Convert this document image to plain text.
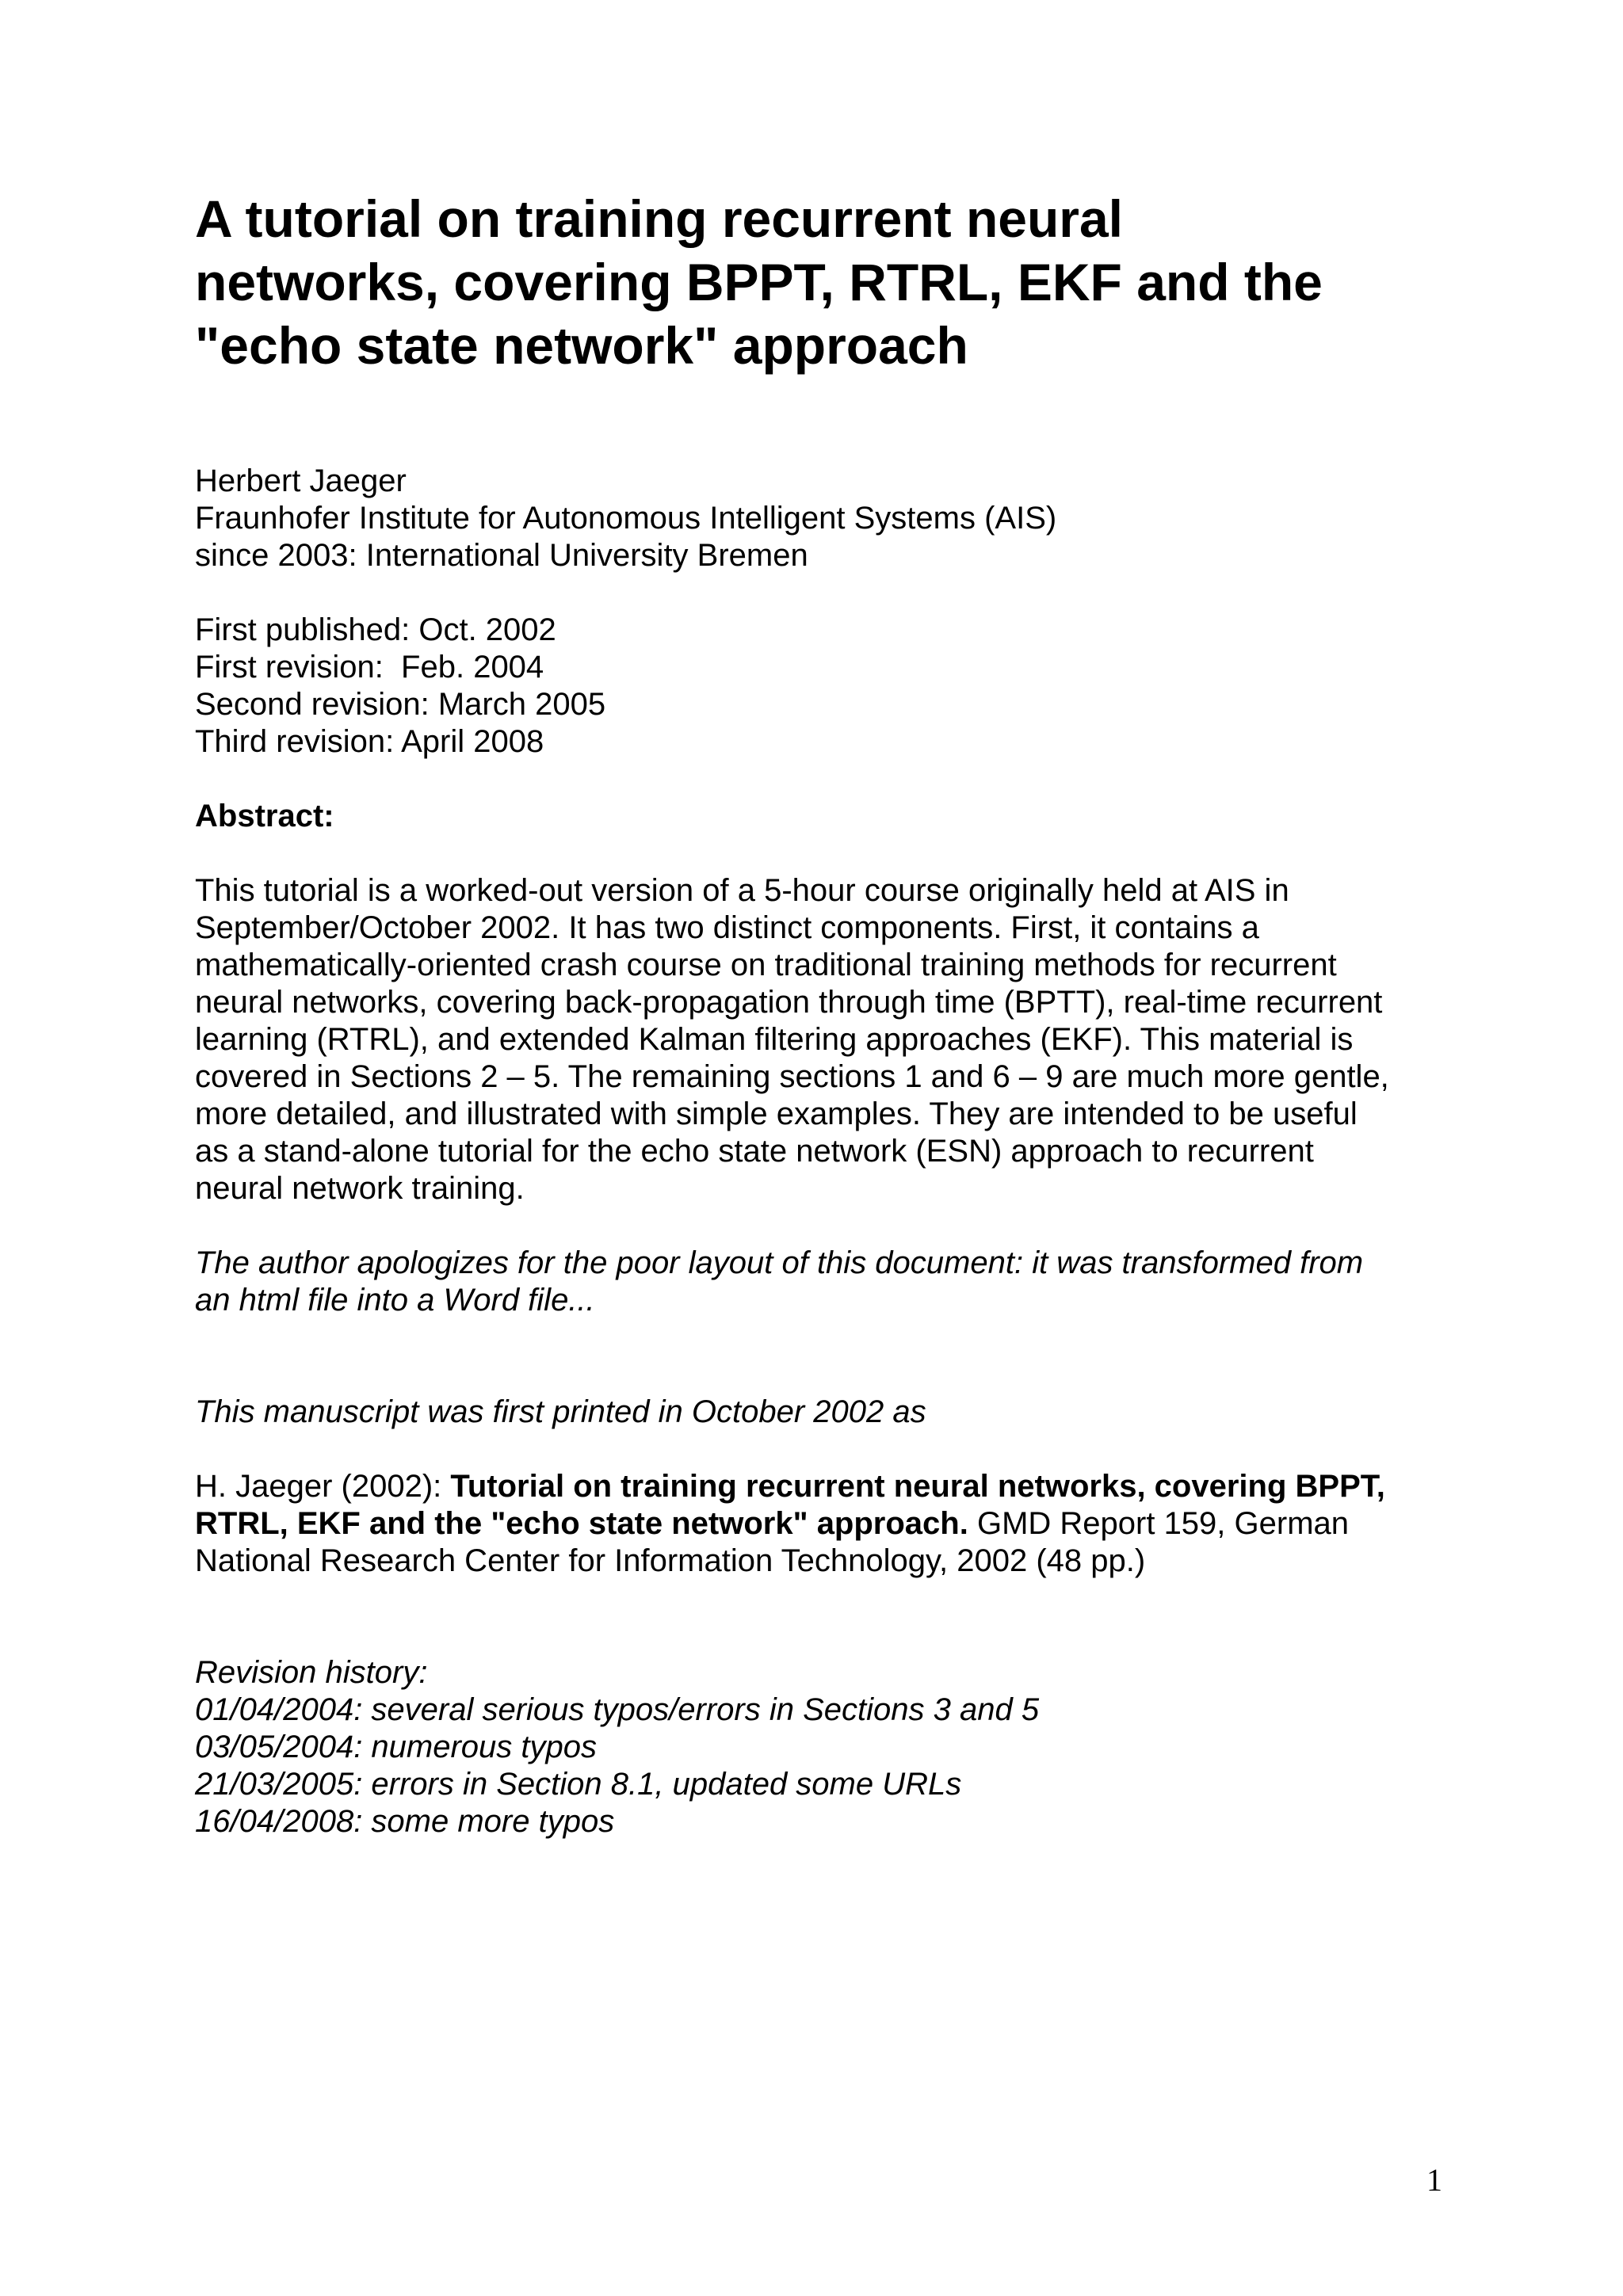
A tutorial on training recurrent neural
networks, covering BPPT, RTRL, EKF and the
"echo state network" approach
Herbert Jaeger
Fraunhofer Institute for Autonomous Intelligent Systems (AIS)
since 2003: International University Bremen
First published: Oct. 2002
First revision:  Feb. 2004
Second revision: March 2005
Third revision: April 2008
Abstract:
This tutorial is a worked-out version of a 5-hour course originally held at AIS in
September/October 2002. It has two distinct components. First, it contains a
mathematically-oriented crash course on traditional training methods for recurrent
neural networks, covering back-propagation through time (BPTT), real-time recurrent
learning (RTRL), and extended Kalman filtering approaches (EKF). This material is
covered in Sections 2 – 5. The remaining sections 1 and 6 – 9 are much more gentle,
more detailed, and illustrated with simple examples. They are intended to be useful
as a stand-alone tutorial for the echo state network (ESN) approach to recurrent
neural network training.
The author apologizes for the poor layout of this document: it was transformed from
an html file into a Word file...
This manuscript was first printed in October 2002 as
H. Jaeger (2002): Tutorial on training recurrent neural networks, covering BPPT,
RTRL, EKF and the "echo state network" approach. GMD Report 159, German
National Research Center for Information Technology, 2002 (48 pp.)
Revision history:
01/04/2004: several serious typos/errors in Sections 3 and 5
03/05/2004: numerous typos
21/03/2005: errors in Section 8.1, updated some URLs
16/04/2008: some more typos
1
